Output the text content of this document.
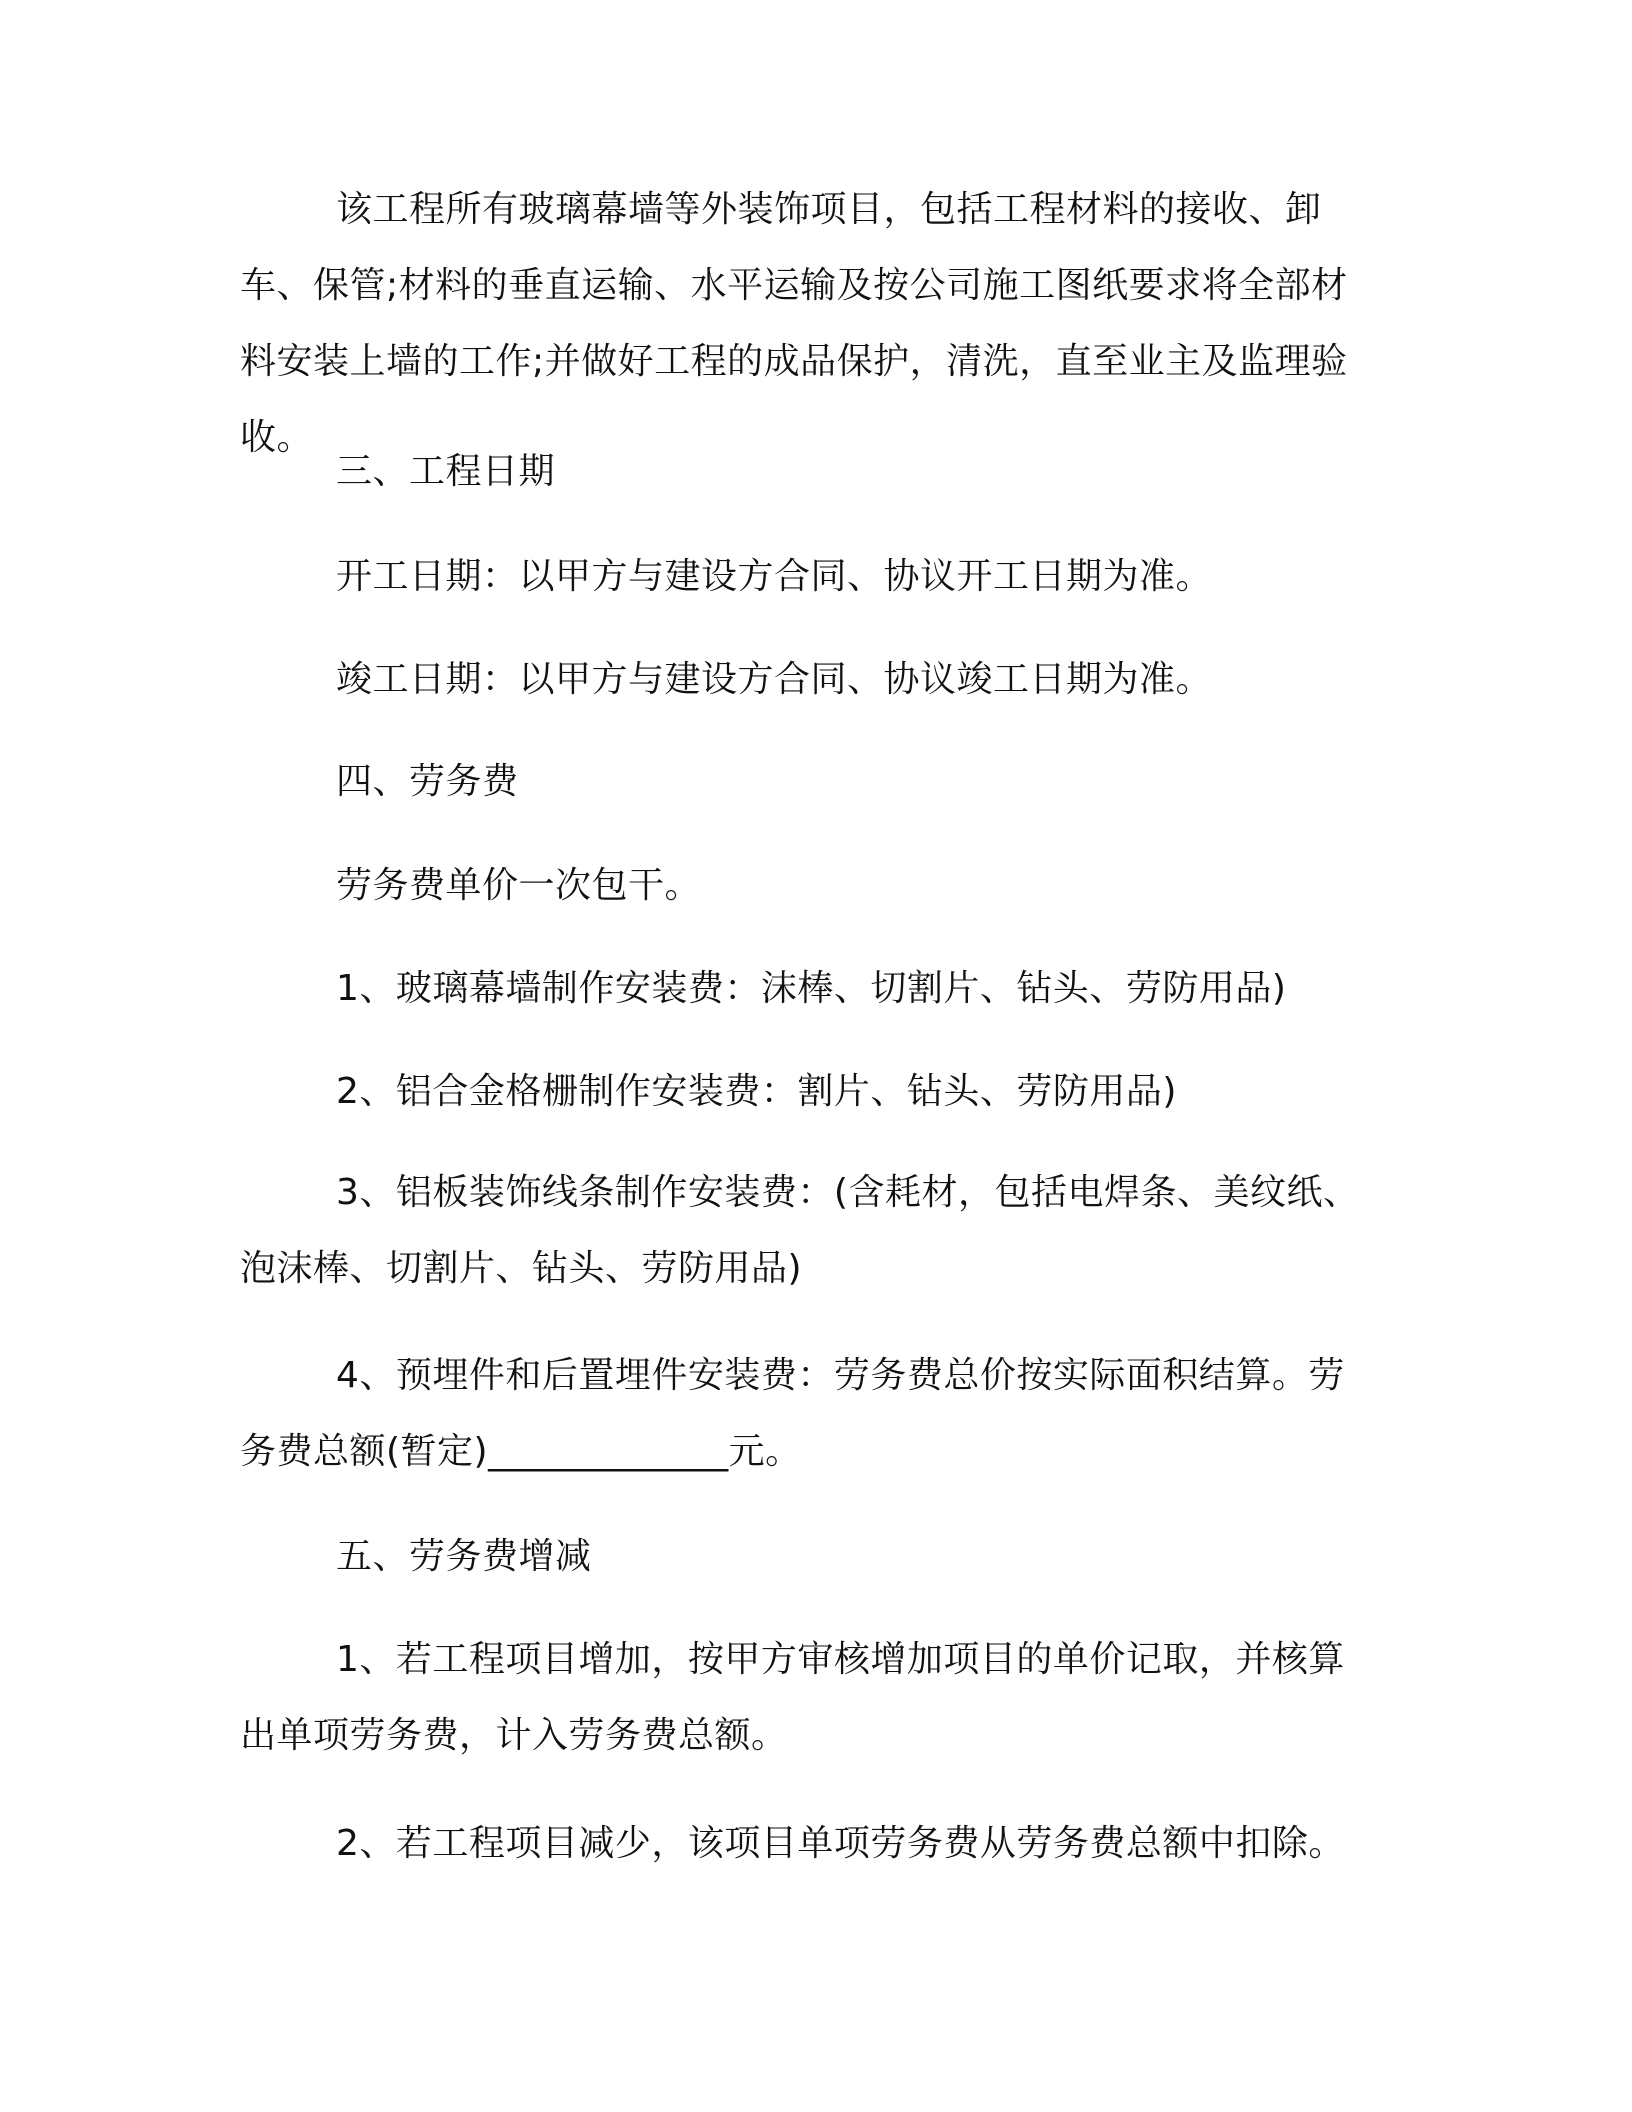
该工程所有玻璃幕墙等外装饰项目，包括工程材料的接收、卸车、保管;材料的垂直运输、水平运输及按公司施工图纸要求将全部材料安装上墙的工作;并做好工程的成品保护，清洗，直至业主及监理验收。

三、工程日期

开工日期：以甲方与建设方合同、协议开工日期为准。

竣工日期：以甲方与建设方合同、协议竣工日期为准。

四、劳务费

劳务费单价一次包干。

1、玻璃幕墙制作安装费：沫棒、切割片、钻头、劳防用品)

2、铝合金格栅制作安装费：割片、钻头、劳防用品)

3、铝板装饰线条制作安装费：(含耗材，包括电焊条、美纹纸、泡沫棒、切割片、钻头、劳防用品)

4、预埋件和后置埋件安装费：劳务费总价按实际面积结算。劳务费总额(暂定)_____________元。

五、劳务费增减

1、若工程项目增加，按甲方审核增加项目的单价记取，并核算出单项劳务费，计入劳务费总额。

2、若工程项目减少，该项目单项劳务费从劳务费总额中扣除。
